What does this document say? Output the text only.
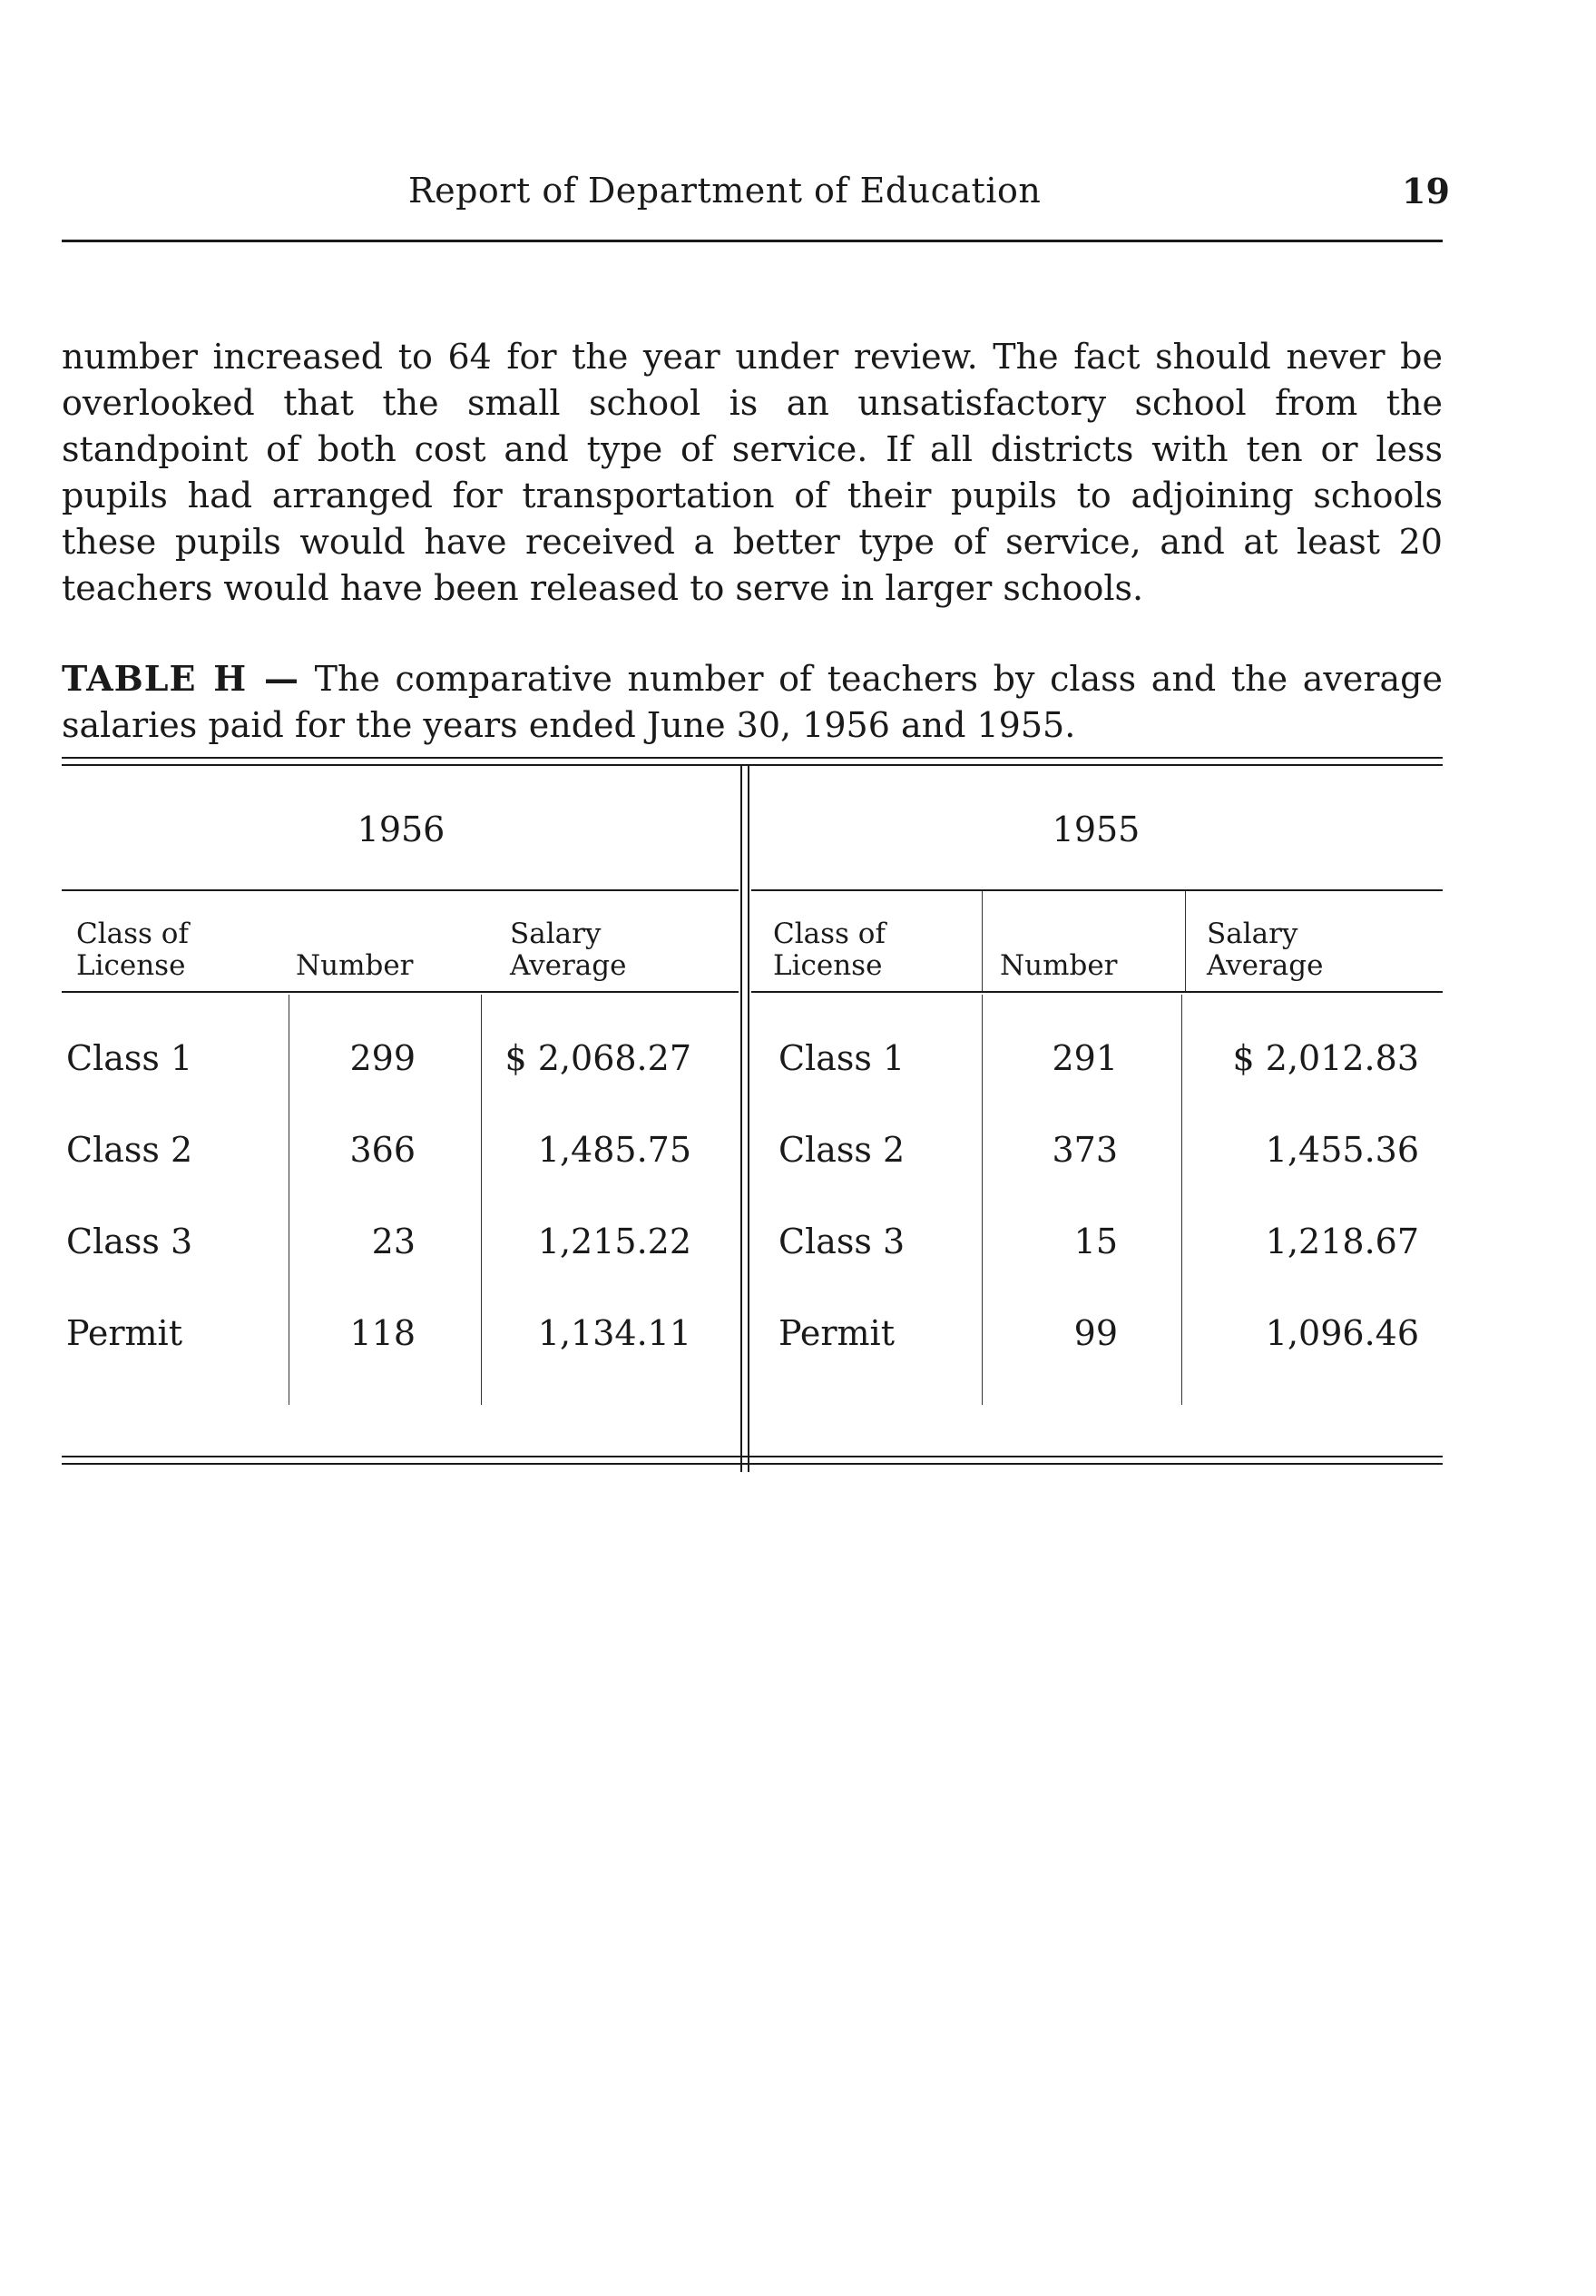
Report of Department of Education	19

number increased to 64 for the year under review. The fact should never be overlooked that the small school is an unsatisfactory school from the standpoint of both cost and type of service. If all districts with ten or less pupils had arranged for transportation of their pupils to adjoining schools these pupils would have received a better type of service, and at least 20 teachers would have been released to serve in larger schools.

TABLE H — The comparative number of teachers by class and the average salaries paid for the years ended June 30, 1956 and 1955.

1956	1955
Class of
License	Number
Salary
Average
Class of
License	Number
Salary
Average
Class 1	299	$ 2,068.27
Class 2	366	1,485.75
Class 3	23	1,215.22
Permit	118	1,134.11
Class 1	291	$ 2,012.83
Class 2	373	1,455.36
Class 3	15	1,218.67
Permit	99	1,096.46
